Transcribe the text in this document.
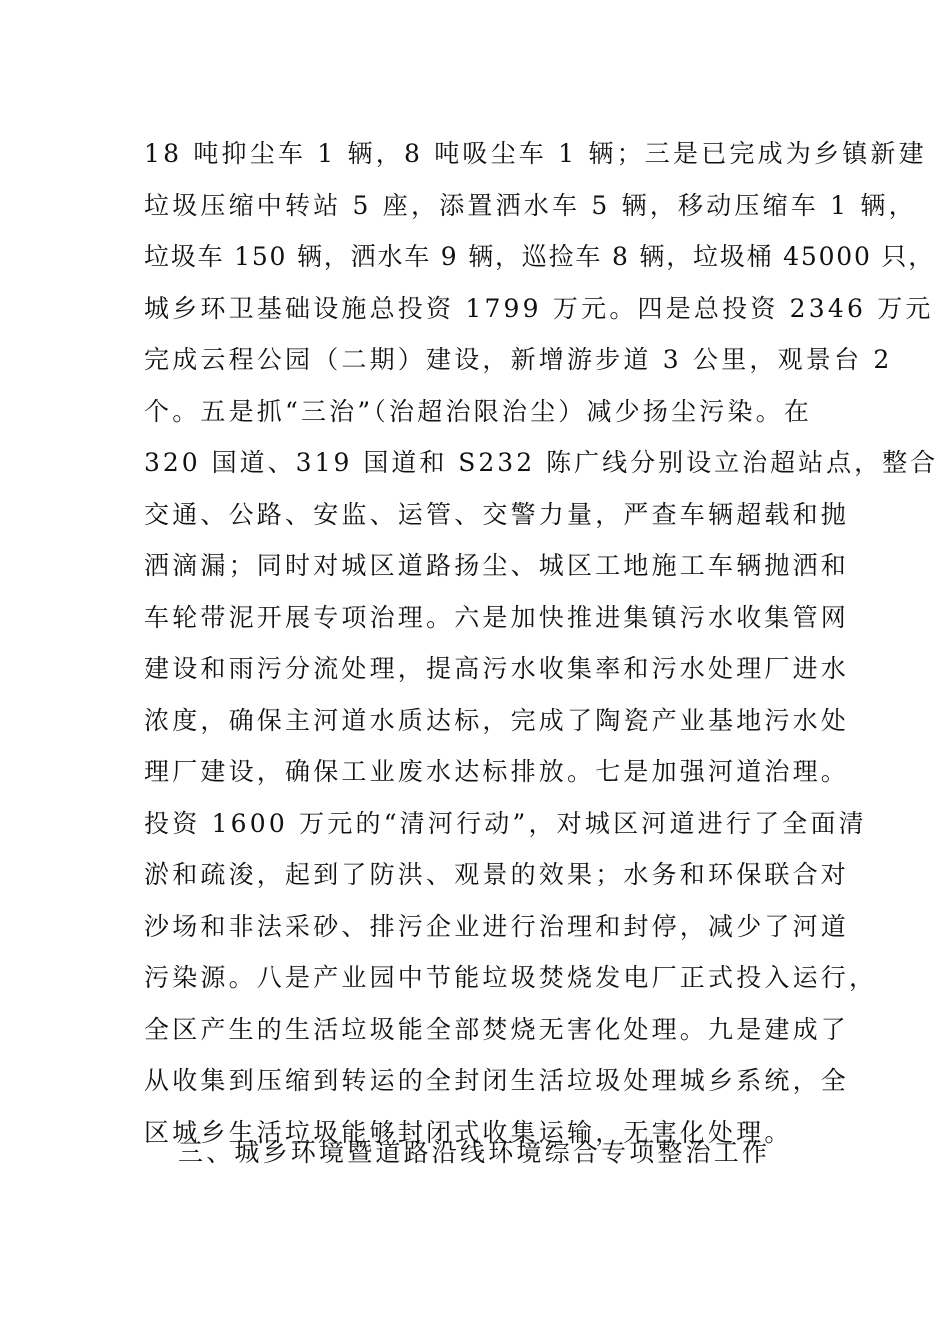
18 吨抑尘车 1 辆，8 吨吸尘车 1 辆；三是已完成为乡镇新建
垃圾压缩中转站 5 座，添置洒水车 5 辆，移动压缩车 1 辆，
垃圾车 150 辆，洒水车 9 辆，巡捡车 8 辆，垃圾桶 45000 只，
城乡环卫基础设施总投资 1799 万元。四是总投资 2346 万元
完成云程公园（二期）建设，新增游步道 3 公里，观景台 2
个。五是抓“三治”（治超治限治尘）减少扬尘污染。在
320 国道、319 国道和 S232 陈广线分别设立治超站点，整合
交通、公路、安监、运管、交警力量，严查车辆超载和抛
洒滴漏；同时对城区道路扬尘、城区工地施工车辆抛洒和
车轮带泥开展专项治理。六是加快推进集镇污水收集管网
建设和雨污分流处理，提高污水收集率和污水处理厂进水
浓度，确保主河道水质达标，完成了陶瓷产业基地污水处
理厂建设，确保工业废水达标排放。七是加强河道治理。
投资 1600 万元的“清河行动”，对城区河道进行了全面清
淤和疏浚，起到了防洪、观景的效果；水务和环保联合对
沙场和非法采砂、排污企业进行治理和封停，减少了河道
污染源。八是产业园中节能垃圾焚烧发电厂正式投入运行，
全区产生的生活垃圾能全部焚烧无害化处理。九是建成了
从收集到压缩到转运的全封闭生活垃圾处理城乡系统，全
区城乡生活垃圾能够封闭式收集运输，无害化处理。
三、城乡环境暨道路沿线环境综合专项整治工作
